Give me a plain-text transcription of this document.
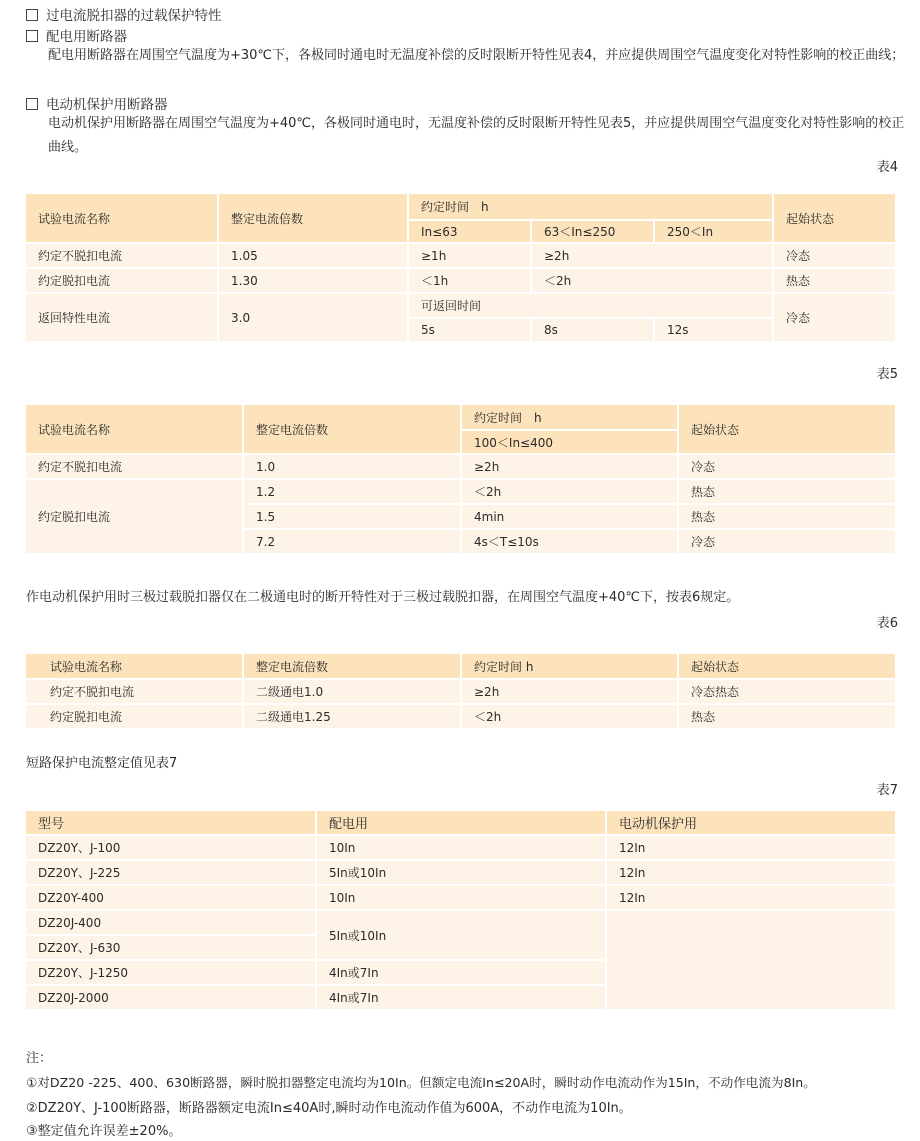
过电流脱扣器的过载保护特性
配电用断路器
配电用断路器在周围空气温度为+30℃下，各极同时通电时无温度补偿的反时限断开特性见表4，并应提供周围空气温度变化对特性影响的校正曲线；
电动机保护用断路器
电动机保护用断路器在周围空气温度为+40℃，各极同时通电时，无温度补偿的反时限断开特性见表5，并应提供周围空气温度变化对特性影响的校正曲线。
表4
试验电流名称	整定电流倍数	约定时间　h			起始状态
		In≤63	63＜In≤250	250＜In	
约定不脱扣电流	1.05	≥1h	≥2h		冷态
约定脱扣电流	1.30	＜1h	＜2h		热态
返回特性电流	3.0	可返回时间			冷态
		5s	8s	12s	
表5
试验电流名称	整定电流倍数	约定时间　h	起始状态
		100＜In≤400	
约定不脱扣电流	1.0	≥2h	冷态
约定脱扣电流	1.2	＜2h	热态
	1.5	4min	热态
	7.2	4s＜T≤10s	冷态
作电动机保护用时三极过载脱扣器仅在二极通电时的断开特性对于三极过载脱扣器，在周围空气温度+40℃下，按表6规定。
表6
试验电流名称	整定电流倍数	约定时间 h	起始状态
约定不脱扣电流	二级通电1.0	≥2h	冷态热态
约定脱扣电流	二级通电1.25	＜2h	热态
短路保护电流整定值见表7
表7
型号	配电用	电动机保护用
DZ20Y、J-100	10In	12In
DZ20Y、J-225	5In或10In	12In
DZ20Y-400	10In	12In
DZ20J-400	5In或10In	
DZ20Y、J-630		
DZ20Y、J-1250	4In或7In	
DZ20J-2000	4In或7In	
注：
①对DZ20 -225、400、630断路器，瞬时脱扣器整定电流均为10In。但额定电流In≤20A时，瞬时动作电流动作为15In，不动作电流为8In。
②DZ20Y、J-100断路器，断路器额定电流In≤40A时,瞬时动作电流动作值为600A，不动作电流为10In。
③整定值允许误差±20%。
